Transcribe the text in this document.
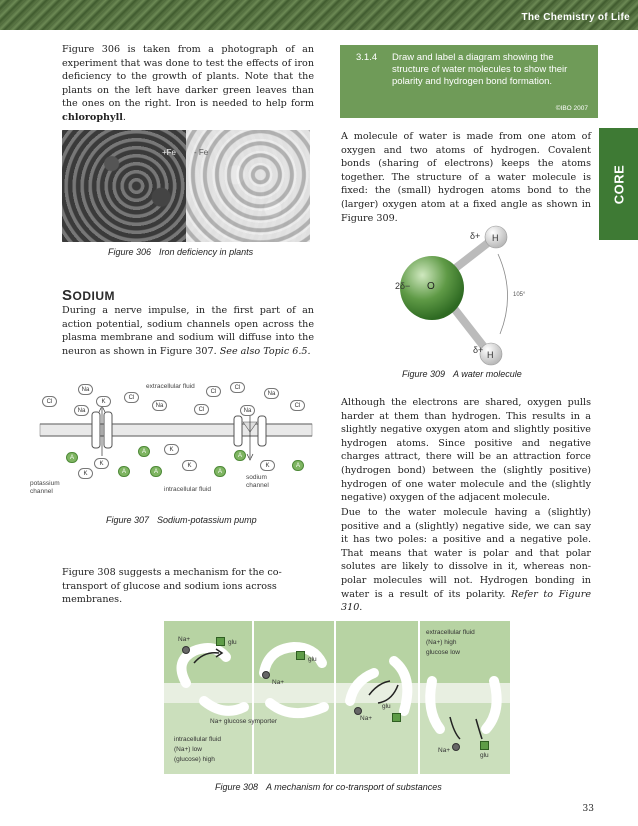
The Chemistry of Life
CORE

Figure 306 is taken from a photograph of an experiment that was done to test the effects of iron deficiency to the growth of plants. Note that the plants on the left have darker green leaves than the ones on the right. Iron is needed to help form chlorophyll.

+Fe - Fe
Figure 306 Iron deficiency in plants
3.1.4 Draw and label a diagram showing the structure of water molecules to show their polarity and hydrogen bond formation.
©IBO 2007

A molecule of water is made from one atom of oxygen and two atoms of hydrogen. Covalent bonds (sharing of electrons) keeps the atoms together. The structure of a water molecule is fixed: the (small) hydrogen atoms bond to the (larger) oxygen atom at a fixed angle as shown in Figure 309.

O
H
H
δ+
δ+
2δ−
105°
Figure 309 A water molecule
SODIUM

During a nerve impulse, in the first part of an action potential, sodium channels open across the plasma membrane and sodium will diffuse into the neuron as shown in Figure 307. See also Topic 6.5.

extracellular fluid
intracellular fluid
potassium channel
sodium channel
Cl
Na
Na
K
Cl
Na
Cl
Cl
Cl
Na
Na
Cl
A
K
K
A
A
A
K
K
A
A
K	A
Figure 307 Sodium-potassium pump

Although the electrons are shared, oxygen pulls harder at them than hydrogen. This results in a slightly negative oxygen atom and slightly positive hydrogen atoms. Since positive and negative charges attract, there will be an attraction force (hydrogen bond) between the (slightly positive) hydrogen of one water molecule and the (slightly negative) oxygen of the adjacent molecule.

Due to the water molecule having a (slightly) positive and a (slightly) negative side, we can say it has two poles: a positive and a negative pole. That means that water is polar and that polar solutes are likely to dissolve in it, whereas non-polar molecules will not. Hydrogen bonding in water is a result of its polarity. Refer to Figure 310.

Figure 308 suggests a mechanism for the co-transport of glucose and sodium ions across membranes.

Na+	glu
glu
Na+
Na+
glu
extracellular fluid
(Na+) high
glucose low
Na+
glu
Na+ glucose symporter
intracellular fluid
(Na+) low
(glucose) high
Figure 308 A mechanism for co-transport of substances
33
